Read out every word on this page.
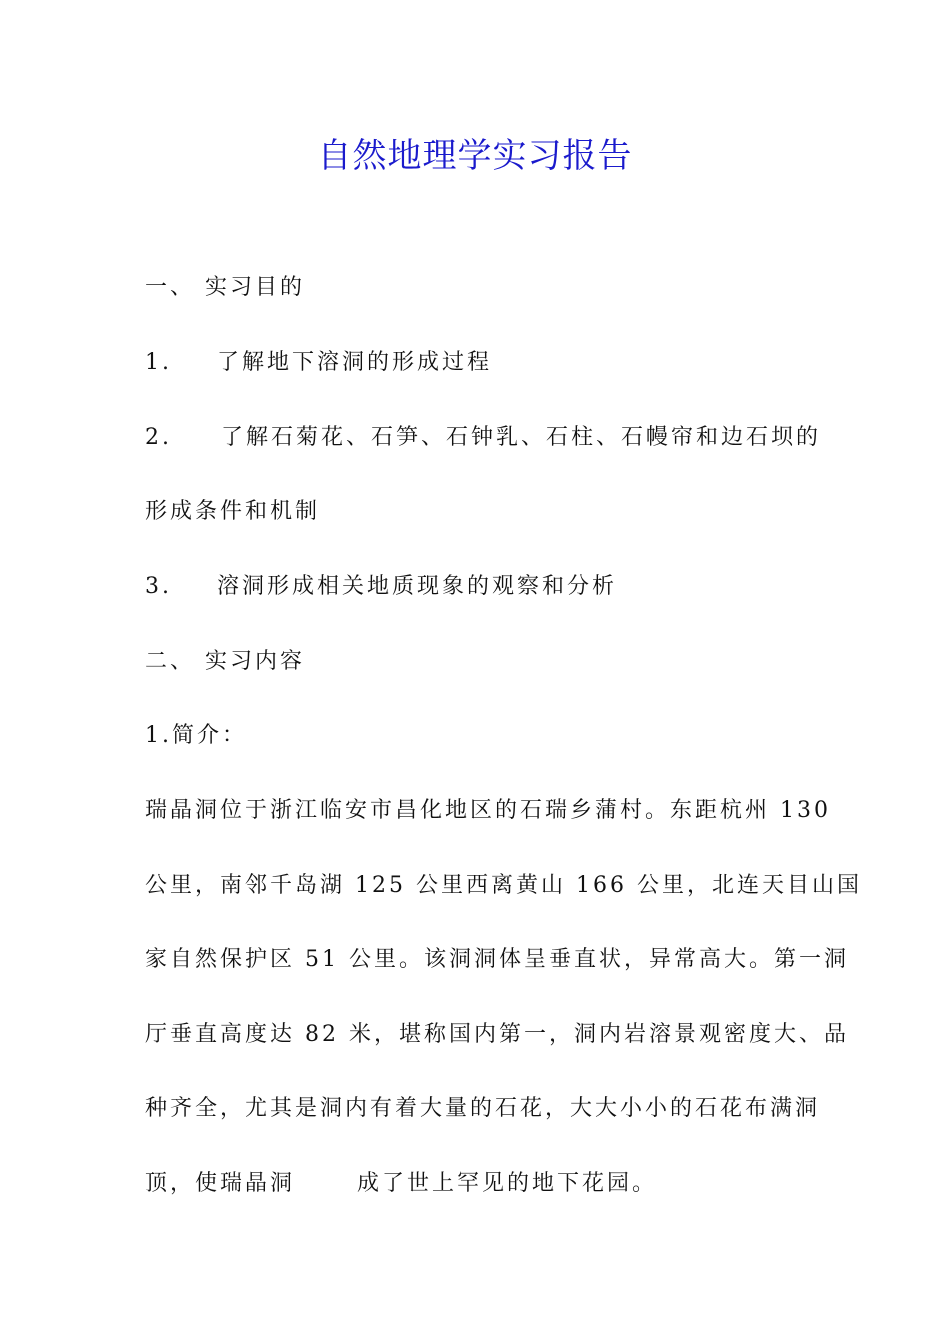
自然地理学实习报告

一、 实习目的

1. 了解地下溶洞的形成过程

2. 了解石菊花、石笋、石钟乳、石柱、石幔帘和边石坝的

形成条件和机制

3. 溶洞形成相关地质现象的观察和分析

二、 实习内容

1.简介：

瑞晶洞位于浙江临安市昌化地区的石瑞乡蒲村。东距杭州 130

公里，南邻千岛湖 125 公里西离黄山 166 公里，北连天目山国

家自然保护区 51 公里。该洞洞体呈垂直状，异常高大。第一洞

厅垂直高度达 82 米，堪称国内第一，洞内岩溶景观密度大、品

种齐全，尤其是洞内有着大量的石花，大大小小的石花布满洞

顶，使瑞晶洞	成了世上罕见的地下花园。
